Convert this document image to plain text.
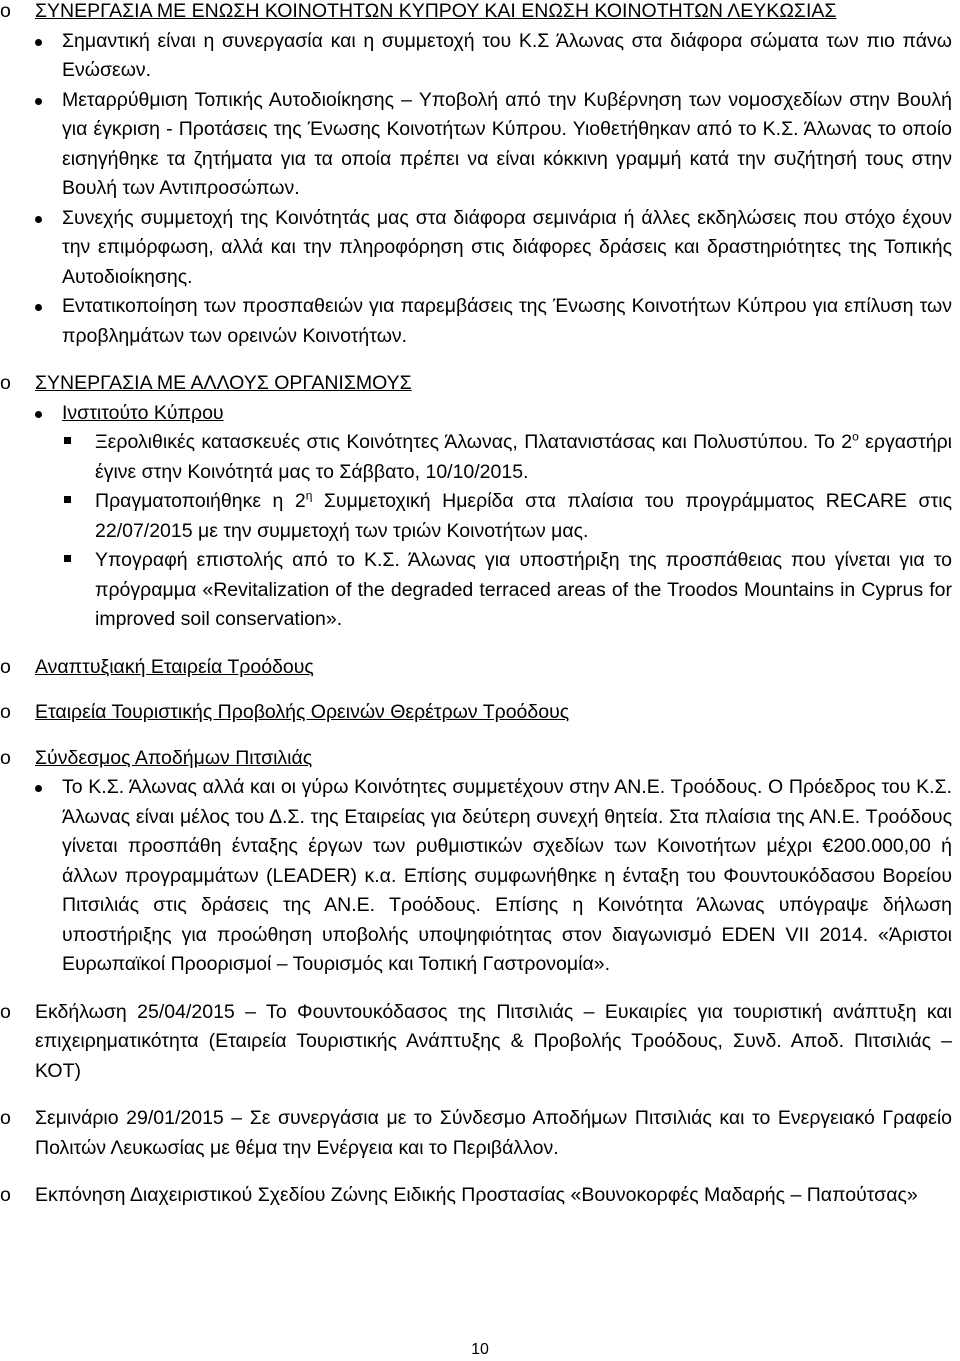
o ΣΥΝΕΡΓΑΣΙΑ ΜΕ ΕΝΩΣΗ ΚΟΙΝΟΤΗΤΩΝ ΚΥΠΡΟΥ ΚΑΙ ΕΝΩΣΗ ΚΟΙΝΟΤΗΤΩΝ ΛΕΥΚΩΣΙΑΣ
Σημαντική είναι η συνεργασία και η συμμετοχή του Κ.Σ Άλωνας στα διάφορα σώματα των πιο πάνω Ενώσεων.
Μεταρρύθμιση Τοπικής Αυτοδιοίκησης – Υποβολή από την Κυβέρνηση των νομοσχεδίων στην Βουλή για έγκριση - Προτάσεις της Ένωσης Κοινοτήτων Κύπρου. Υιοθετήθηκαν από το Κ.Σ. Άλωνας το οποίο εισηγήθηκε τα ζητήματα για τα οποία πρέπει να είναι κόκκινη γραμμή κατά την συζήτησή τους στην Βουλή των Αντιπροσώπων.
Συνεχής συμμετοχή της Κοινότητάς μας στα διάφορα σεμινάρια ή άλλες εκδηλώσεις που στόχο έχουν την επιμόρφωση, αλλά και την πληροφόρηση στις διάφορες δράσεις και δραστηριότητες της Τοπικής Αυτοδιοίκησης.
Εντατικοποίηση των προσπαθειών για παρεμβάσεις της Ένωσης Κοινοτήτων Κύπρου για επίλυση των προβλημάτων των ορεινών Κοινοτήτων.
o ΣΥΝΕΡΓΑΣΙΑ ΜΕ ΑΛΛΟΥΣ ΟΡΓΑΝΙΣΜΟΥΣ
Ινστιτούτο Κύπρου
Ξερολιθικές κατασκευές στις Κοινότητες Άλωνας, Πλατανιστάσας και Πολυστύπου. Το $2^o$ εργαστήρι έγινε στην Κοινότητά μας το Σάββατο, 10/10/2015.
Πραγματοποιήθηκε η $2^\eta$ Συμμετοχική Ημερίδα στα πλαίσια του προγράμματος RECARE στις 22/07/2015 με την συμμετοχή των τριών Κοινοτήτων μας.
Υπογραφή επιστολής από το Κ.Σ. Άλωνας για υποστήριξη της προσπάθειας που γίνεται για το πρόγραμμα «Revitalization of the degraded terraced areas of the Troodos Mountains in Cyprus for improved soil conservation».
o Αναπτυξιακή Εταιρεία Τροόδους
o Εταιρεία Τουριστικής Προβολής Ορεινών Θερέτρων Τροόδους
o Σύνδεσμος Αποδήμων Πιτσιλιάς
Το Κ.Σ. Άλωνας αλλά και οι γύρω Κοινότητες συμμετέχουν στην ΑΝ.Ε. Τροόδους. Ο Πρόεδρος του Κ.Σ. Άλωνας είναι μέλος του Δ.Σ. της Εταιρείας για δεύτερη συνεχή θητεία. Στα πλαίσια της ΑΝ.Ε. Τροόδους γίνεται προσπάθη ένταξης έργων των ρυθμιστικών σχεδίων των Κοινοτήτων μέχρι €200.000,00 ή άλλων προγραμμάτων (LEADER) κ.α. Επίσης συμφωνήθηκε η ένταξη του Φουντουκόδασου Βορείου Πιτσιλιάς στις δράσεις της ΑΝ.Ε. Τροόδους. Επίσης η Κοινότητα Άλωνας υπόγραψε δήλωση υποστήριξης για προώθηση υποβολής υποψηφιότητας στον διαγωνισμό EDEN VII 2014. «Άριστοι Ευρωπαϊκοί Προορισμοί – Τουρισμός και Τοπική Γαστρονομία».
o Εκδήλωση 25/04/2015 – Το Φουντουκόδασος της Πιτσιλιάς – Ευκαιρίες για τουριστική ανάπτυξη και επιχειρηματικότητα (Εταιρεία Τουριστικής Ανάπτυξης & Προβολής Τροόδους, Συνδ. Αποδ. Πιτσιλιάς – ΚΟΤ)
o Σεμινάριο 29/01/2015 – Σε συνεργάσια με το Σύνδεσμο Αποδήμων Πιτσιλιάς και το Ενεργειακό Γραφείο Πολιτών Λευκωσίας με θέμα την Ενέργεια και το Περιβάλλον.
o Εκπόνηση Διαχειριστικού Σχεδίου Ζώνης Ειδικής Προστασίας «Βουνοκορφές Μαδαρής – Παπούτσας»
10
